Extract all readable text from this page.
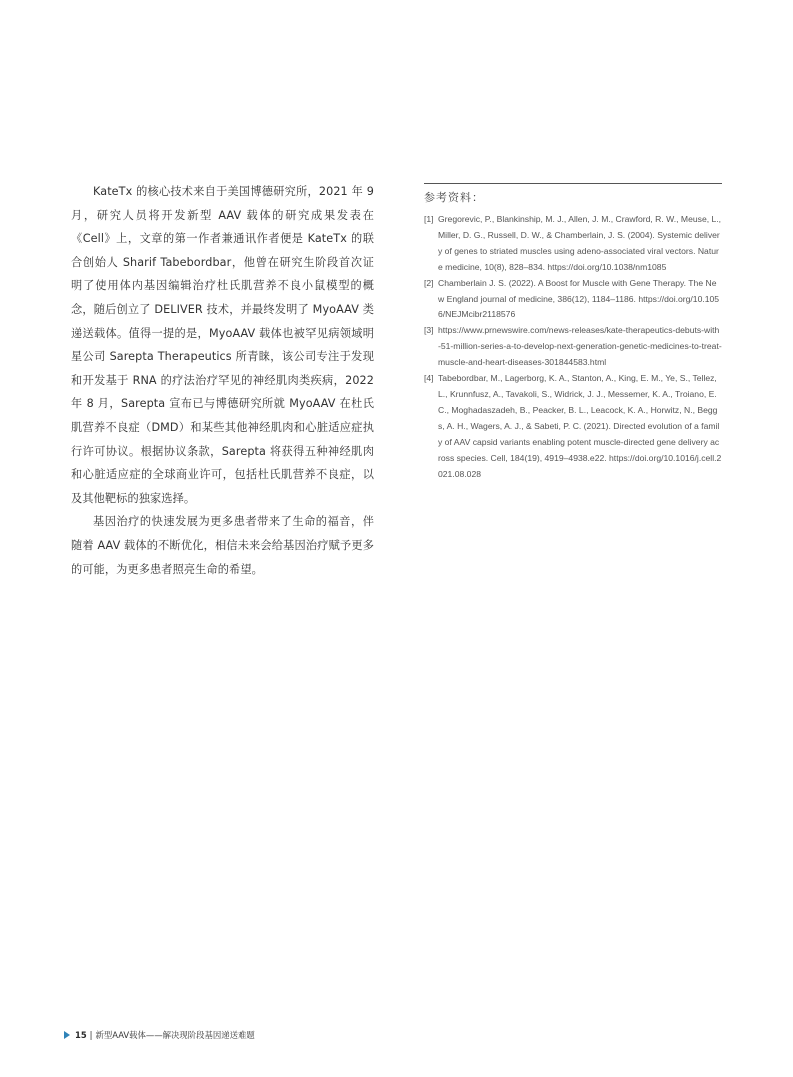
KateTx 的核心技术来自于美国博德研究所，2021 年 9 月，研究人员将开发新型 AAV 载体的研究成果发表在《Cell》上，文章的第一作者兼通讯作者便是 KateTx 的联合创始人 Sharif Tabebordbar，他曾在研究生阶段首次证明了使用体内基因编辑治疗杜氏肌营养不良小鼠模型的概念，随后创立了 DELIVER 技术，并最终发明了 MyoAAV 类递送载体。值得一提的是，MyoAAV 载体也被罕见病领域明星公司 Sarepta Therapeutics 所青睐，该公司专注于发现和开发基于 RNA 的疗法治疗罕见的神经肌肉类疾病，2022 年 8 月，Sarepta 宣布已与博德研究所就 MyoAAV 在杜氏肌营养不良症（DMD）和某些其他神经肌肉和心脏适应症执行许可协议。根据协议条款，Sarepta 将获得五种神经肌肉和心脏适应症的全球商业许可，包括杜氏肌营养不良症，以及其他靶标的独家选择。

基因治疗的快速发展为更多患者带来了生命的福音，伴随着 AAV 载体的不断优化，相信未来会给基因治疗赋予更多的可能，为更多患者照亮生命的希望。

参考资料：
[1] Gregorevic, P., Blankinship, M. J., Allen, J. M., Crawford, R. W., Meuse, L., Miller, D. G., Russell, D. W., & Chamberlain, J. S. (2004). Systemic delivery of genes to striated muscles using adeno-associated viral vectors. Nature medicine, 10(8), 828–834. https://doi.org/10.1038/nm1085
[2] Chamberlain J. S. (2022). A Boost for Muscle with Gene Therapy. The New England journal of medicine, 386(12), 1184–1186. https://doi.org/10.1056/NEJMcibr2118576
[3] https://www.prnewswire.com/news-releases/kate-therapeutics-debuts-with-51-million-series-a-to-develop-next-generation-genetic-medicines-to-treat-muscle-and-heart-diseases-301844583.html
[4] Tabebordbar, M., Lagerborg, K. A., Stanton, A., King, E. M., Ye, S., Tellez, L., Krunnfusz, A., Tavakoli, S., Widrick, J. J., Messemer, K. A., Troiano, E. C., Moghadaszadeh, B., Peacker, B. L., Leacock, K. A., Horwitz, N., Beggs, A. H., Wagers, A. J., & Sabeti, P. C. (2021). Directed evolution of a family of AAV capsid variants enabling potent muscle-directed gene delivery across species. Cell, 184(19), 4919–4938.e22. https://doi.org/10.1016/j.cell.2021.08.028
15 | 新型AAV载体——解决现阶段基因递送难题
